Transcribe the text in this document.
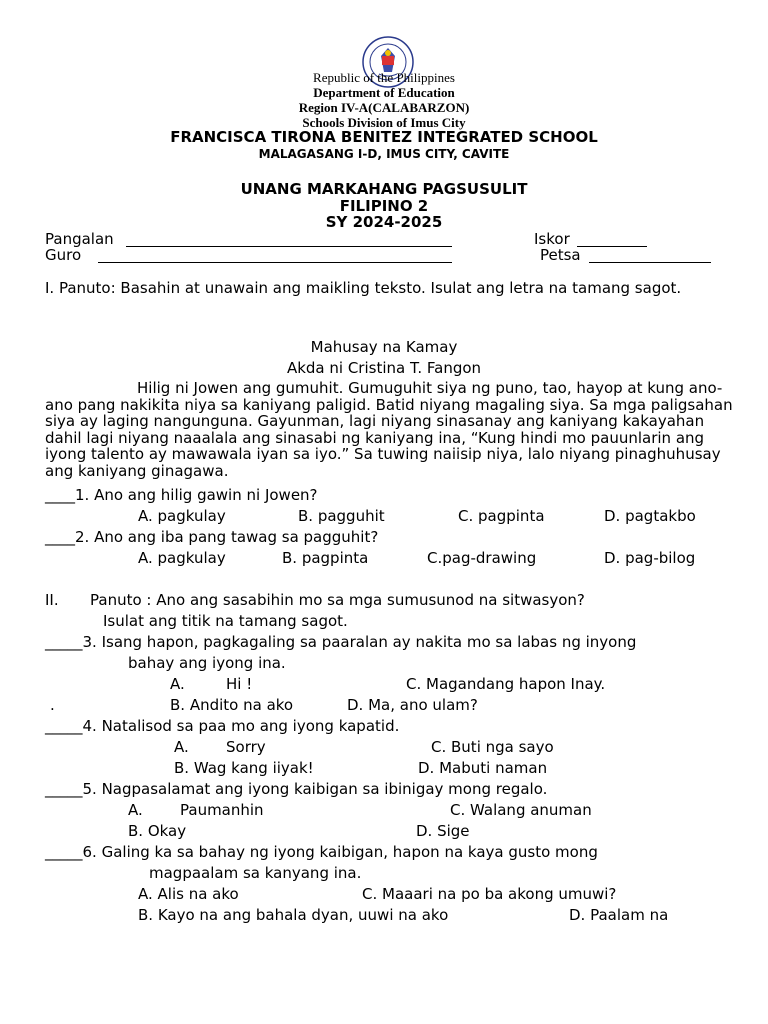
Republic of the Philippines
Department of Education
Region IV-A(CALABARZON)
Schools Division of Imus City
FRANCISCA TIRONA BENITEZ INTEGRATED SCHOOL
MALAGASANG I-D, IMUS CITY, CAVITE
UNANG MARKAHANG PAGSUSULIT
FILIPINO 2
SY 2024-2025
Pangalan	Iskor
Guro	Petsa
I. Panuto: Basahin at unawain ang maikling teksto. Isulat ang letra na tamang sagot.
Mahusay na Kamay
Akda ni Cristina T. Fangon
Hilig ni Jowen ang gumuhit. Gumuguhit siya ng puno, tao, hayop at kung ano-ano pang nakikita niya sa kaniyang paligid. Batid niyang magaling siya. Sa mga paligsahan siya ay laging nangunguna. Gayunman, lagi niyang sinasanay ang kaniyang kakayahan dahil lagi niyang naaalala ang sinasabi ng kaniyang ina, “Kung hindi mo pauunlarin ang iyong talento ay mawawala iyan sa iyo.” Sa tuwing naiisip niya, lalo niyang pinaghuhusay ang kaniyang ginagawa.
____1. Ano ang hilig gawin ni Jowen?
A. pagkulay	B. pagguhit	C. pagpinta	D. pagtakbo
____2. Ano ang iba pang tawag sa pagguhit?
A. pagkulay	B. pagpinta	C.pag-drawing	D. pag-bilog
II. Panuto : Ano ang sasabihin mo sa mga sumusunod na sitwasyon?
Isulat ang titik na tamang sagot.
_____3. Isang hapon, pagkagaling sa paaralan ay nakita mo sa labas ng inyong
bahay ang iyong ina.
A.	Hi !	C. Magandang hapon Inay.
.	B. Andito na ako	D. Ma, ano ulam?
_____4. Natalisod sa paa mo ang iyong kapatid.
A. Sorry	C. Buti nga sayo
B. Wag kang iiyak!	D. Mabuti naman
_____5. Nagpasalamat ang iyong kaibigan sa ibinigay mong regalo.
A. Paumanhin	C. Walang anuman
B. Okay	D. Sige
_____6. Galing ka sa bahay ng iyong kaibigan, hapon na kaya gusto mong
magpaalam sa kanyang ina.
A. Alis na ako	C. Maaari na po ba akong umuwi?
B. Kayo na ang bahala dyan, uuwi na ako	D. Paalam na
